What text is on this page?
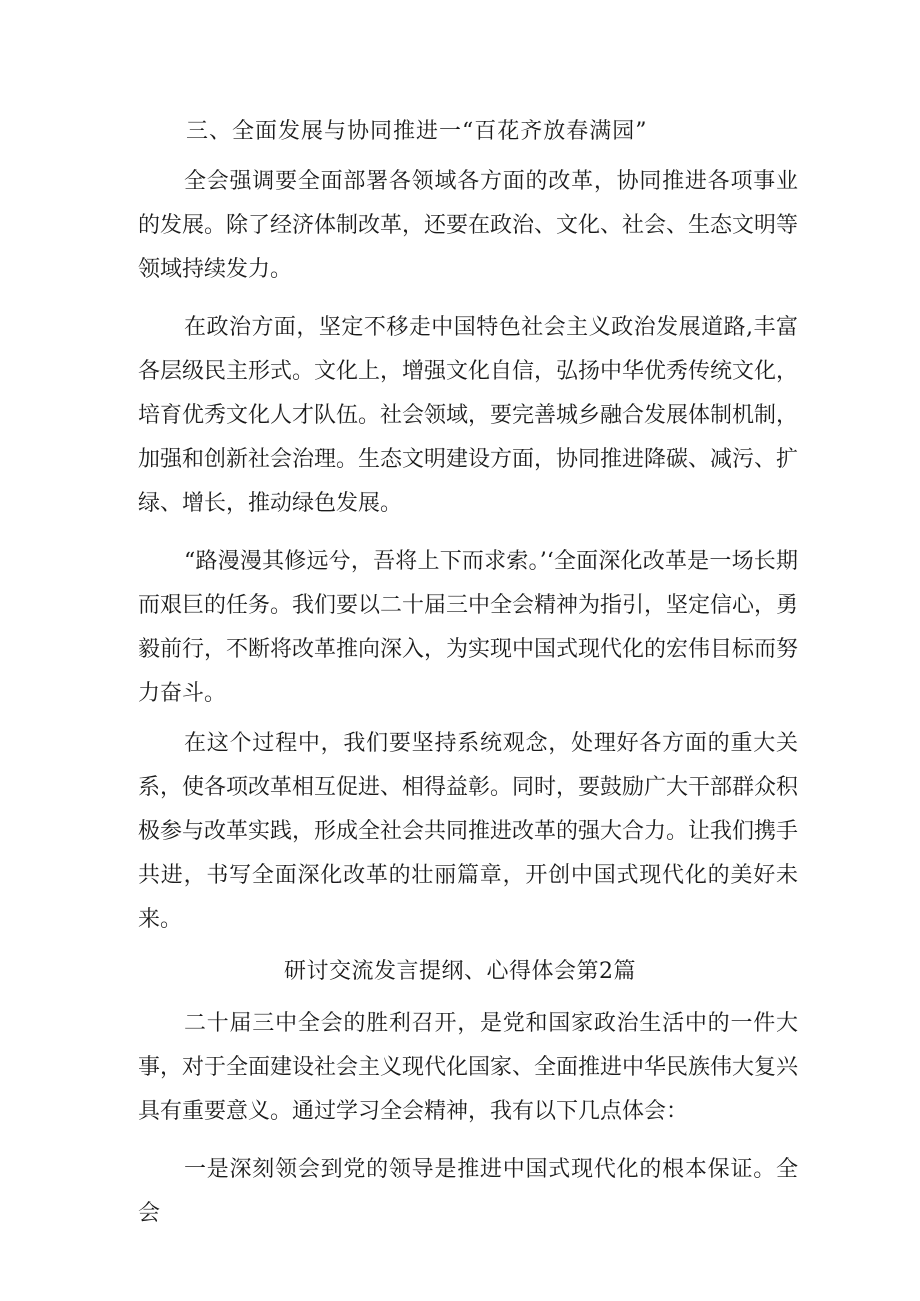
三、全面发展与协同推进一“百花齐放春满园”

全会强调要全面部署各领域各方面的改革，协同推进各项事业的发展。除了经济体制改革，还要在政治、文化、社会、生态文明等领域持续发力。

在政治方面，坚定不移走中国特色社会主义政治发展道路,丰富各层级民主形式。文化上，增强文化自信，弘扬中华优秀传统文化，培育优秀文化人才队伍。社会领域，要完善城乡融合发展体制机制，加强和创新社会治理。生态文明建设方面，协同推进降碳、减污、扩绿、增长，推动绿色发展。

“路漫漫其修远兮，吾将上下而求索。’‘全面深化改革是一场长期而艰巨的任务。我们要以二十届三中全会精神为指引，坚定信心，勇毅前行，不断将改革推向深入，为实现中国式现代化的宏伟目标而努力奋斗。

在这个过程中，我们要坚持系统观念，处理好各方面的重大关系，使各项改革相互促进、相得益彰。同时，要鼓励广大干部群众积极参与改革实践，形成全社会共同推进改革的强大合力。让我们携手共进，书写全面深化改革的壮丽篇章，开创中国式现代化的美好未来。

研讨交流发言提纲、心得体会第2篇

二十届三中全会的胜利召开，是党和国家政治生活中的一件大事，对于全面建设社会主义现代化国家、全面推进中华民族伟大复兴具有重要意义。通过学习全会精神，我有以下几点体会：

一是深刻领会到党的领导是推进中国式现代化的根本保证。全会
